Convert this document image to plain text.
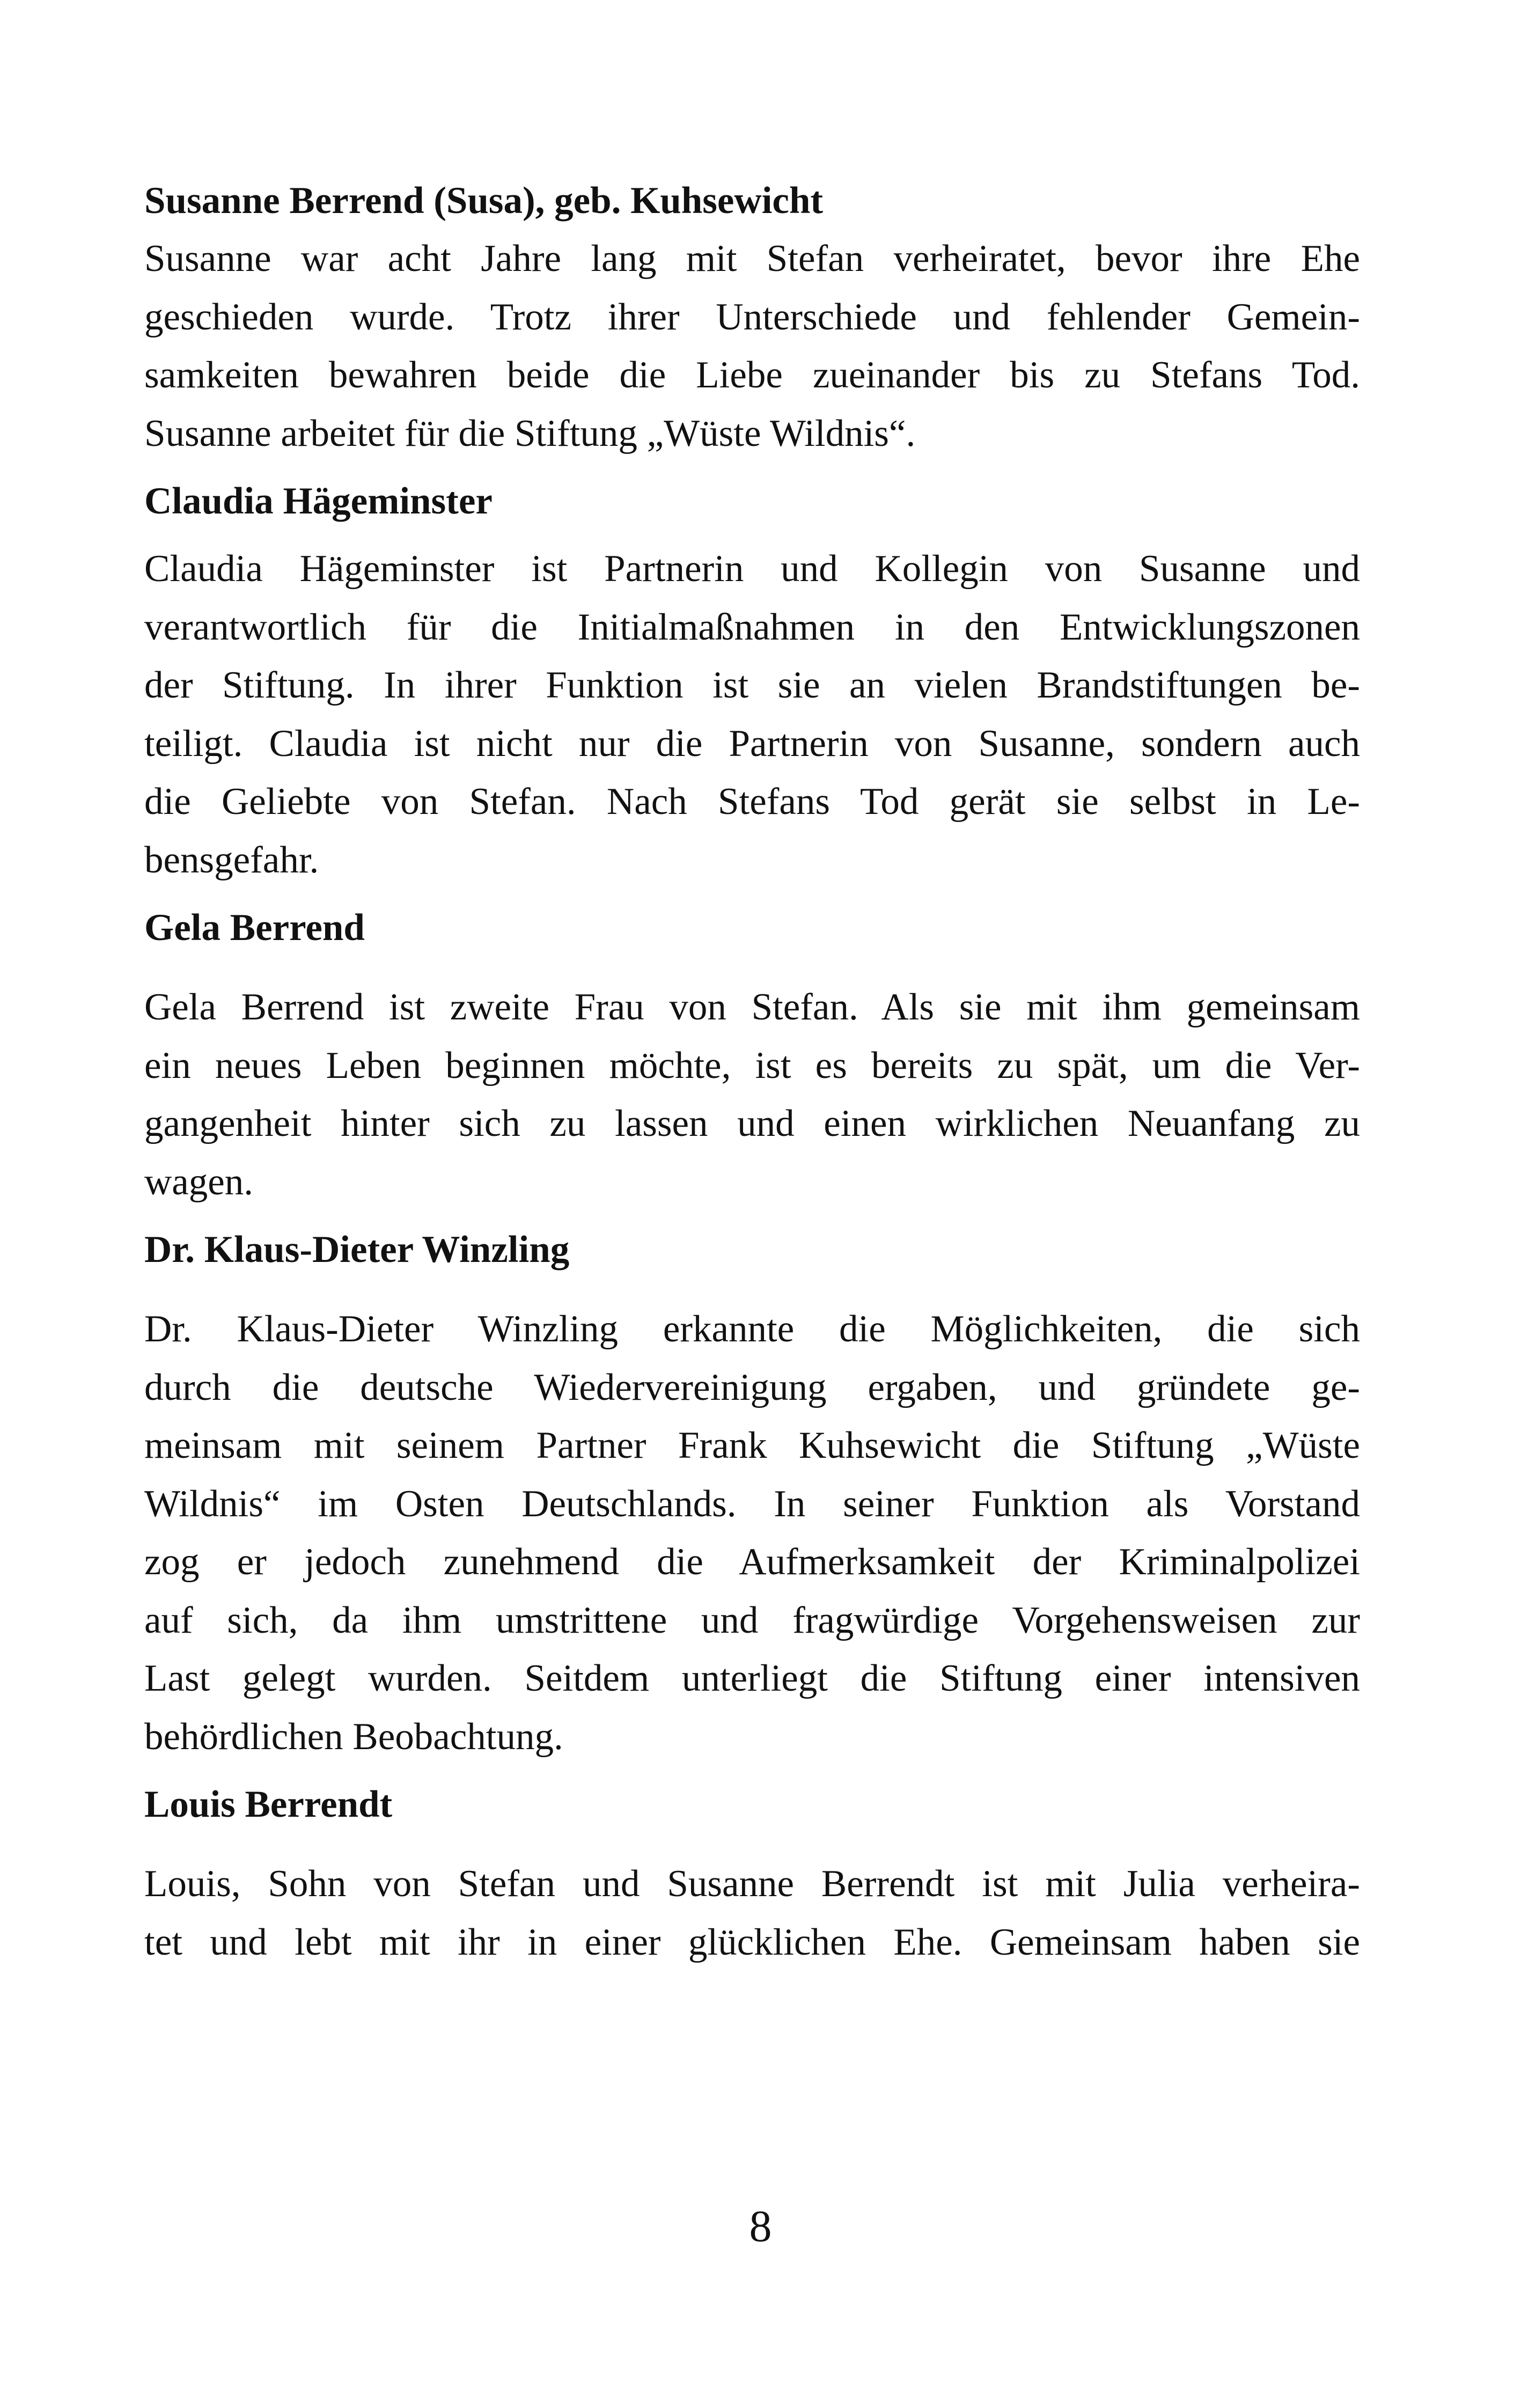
Susanne Berrend (Susa), geb. Kuhsewicht

Susanne war acht Jahre lang mit Stefan verheiratet, bevor ihre Ehe
geschieden wurde. Trotz ihrer Unterschiede und fehlender Gemein-
samkeiten bewahren beide die Liebe zueinander bis zu Stefans Tod.
Susanne arbeitet für die Stiftung „Wüste Wildnis“.

Claudia Hägeminster

Claudia Hägeminster ist Partnerin und Kollegin von Susanne und
verantwortlich für die Initialmaßnahmen in den Entwicklungszonen
der Stiftung. In ihrer Funktion ist sie an vielen Brandstiftungen be-
teiligt. Claudia ist nicht nur die Partnerin von Susanne, sondern auch
die Geliebte von Stefan. Nach Stefans Tod gerät sie selbst in Le-
bensgefahr.

Gela Berrend

Gela Berrend ist zweite Frau von Stefan. Als sie mit ihm gemeinsam
ein neues Leben beginnen möchte, ist es bereits zu spät, um die Ver-
gangenheit hinter sich zu lassen und einen wirklichen Neuanfang zu
wagen.

Dr. Klaus-Dieter Winzling

Dr. Klaus-Dieter Winzling erkannte die Möglichkeiten, die sich
durch die deutsche Wiedervereinigung ergaben, und gründete ge-
meinsam mit seinem Partner Frank Kuhsewicht die Stiftung „Wüste
Wildnis“ im Osten Deutschlands. In seiner Funktion als Vorstand
zog er jedoch zunehmend die Aufmerksamkeit der Kriminalpolizei
auf sich, da ihm umstrittene und fragwürdige Vorgehensweisen zur
Last gelegt wurden. Seitdem unterliegt die Stiftung einer intensiven
behördlichen Beobachtung.

Louis Berrendt

Louis, Sohn von Stefan und Susanne Berrendt ist mit Julia verheira-
tet und lebt mit ihr in einer glücklichen Ehe. Gemeinsam haben sie

8
